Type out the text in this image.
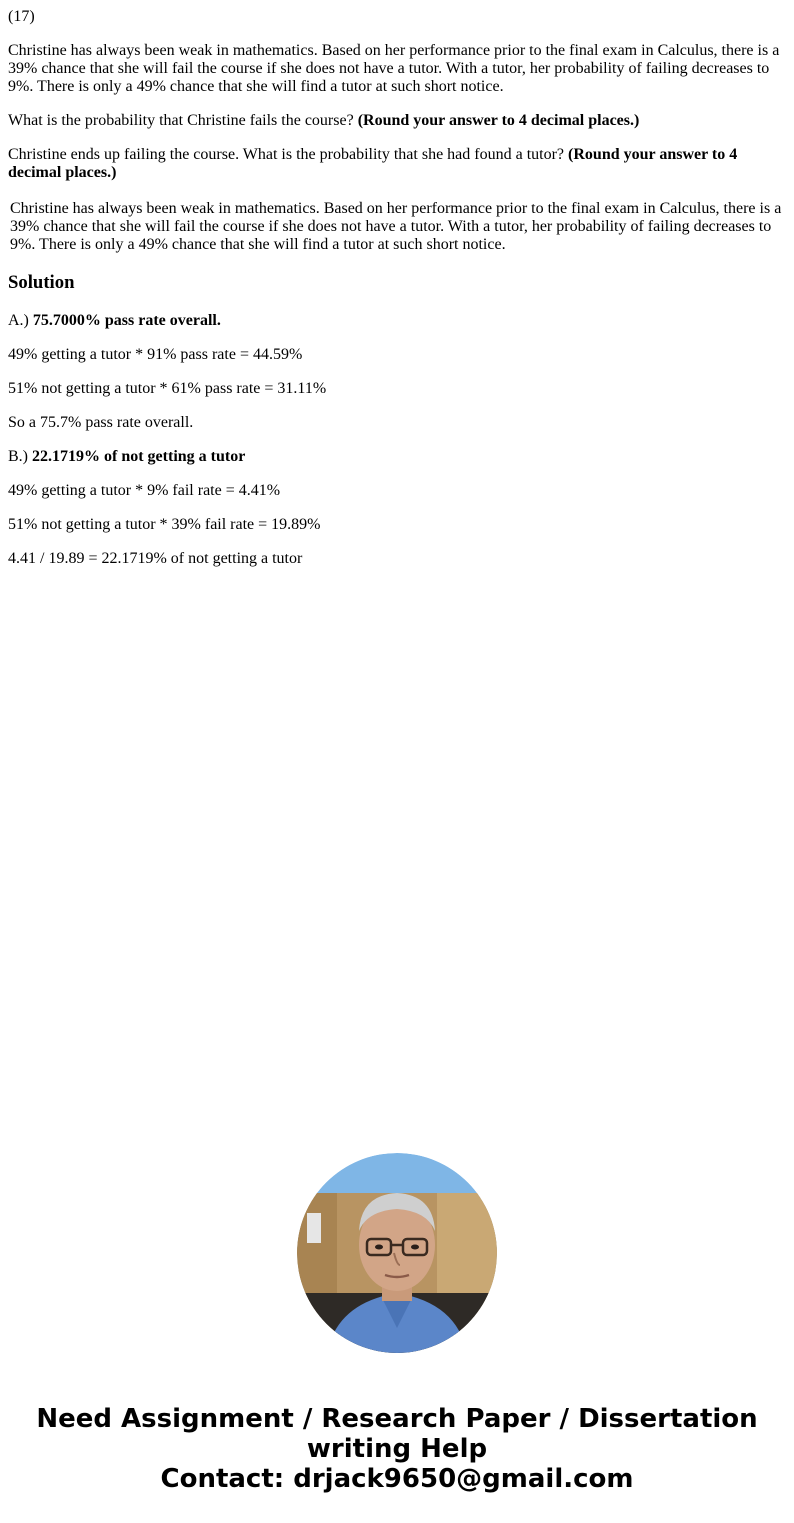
(17)

Christine has always been weak in mathematics. Based on her performance prior to the final exam in Calculus, there is a 39% chance that she will fail the course if she does not have a tutor. With a tutor, her probability of failing decreases to 9%. There is only a 49% chance that she will find a tutor at such short notice.

What is the probability that Christine fails the course? (Round your answer to 4 decimal places.)

Christine ends up failing the course. What is the probability that she had found a tutor? (Round your answer to 4 decimal places.)

Christine has always been weak in mathematics. Based on her performance prior to the final exam in Calculus, there is a 39% chance that she will fail the course if she does not have a tutor. With a tutor, her probability of failing decreases to 9%. There is only a 49% chance that she will find a tutor at such short notice.
Solution

A.) 75.7000% pass rate overall.

49% getting a tutor * 91% pass rate = 44.59%

51% not getting a tutor * 61% pass rate = 31.11%

So a 75.7% pass rate overall.

B.) 22.1719% of not getting a tutor

49% getting a tutor * 9% fail rate = 4.41%

51% not getting a tutor * 39% fail rate = 19.89%

4.41 / 19.89 = 22.1719% of not getting a tutor

Need Assignment / Research Paper / Dissertation
writing Help
Contact: drjack9650@gmail.com
